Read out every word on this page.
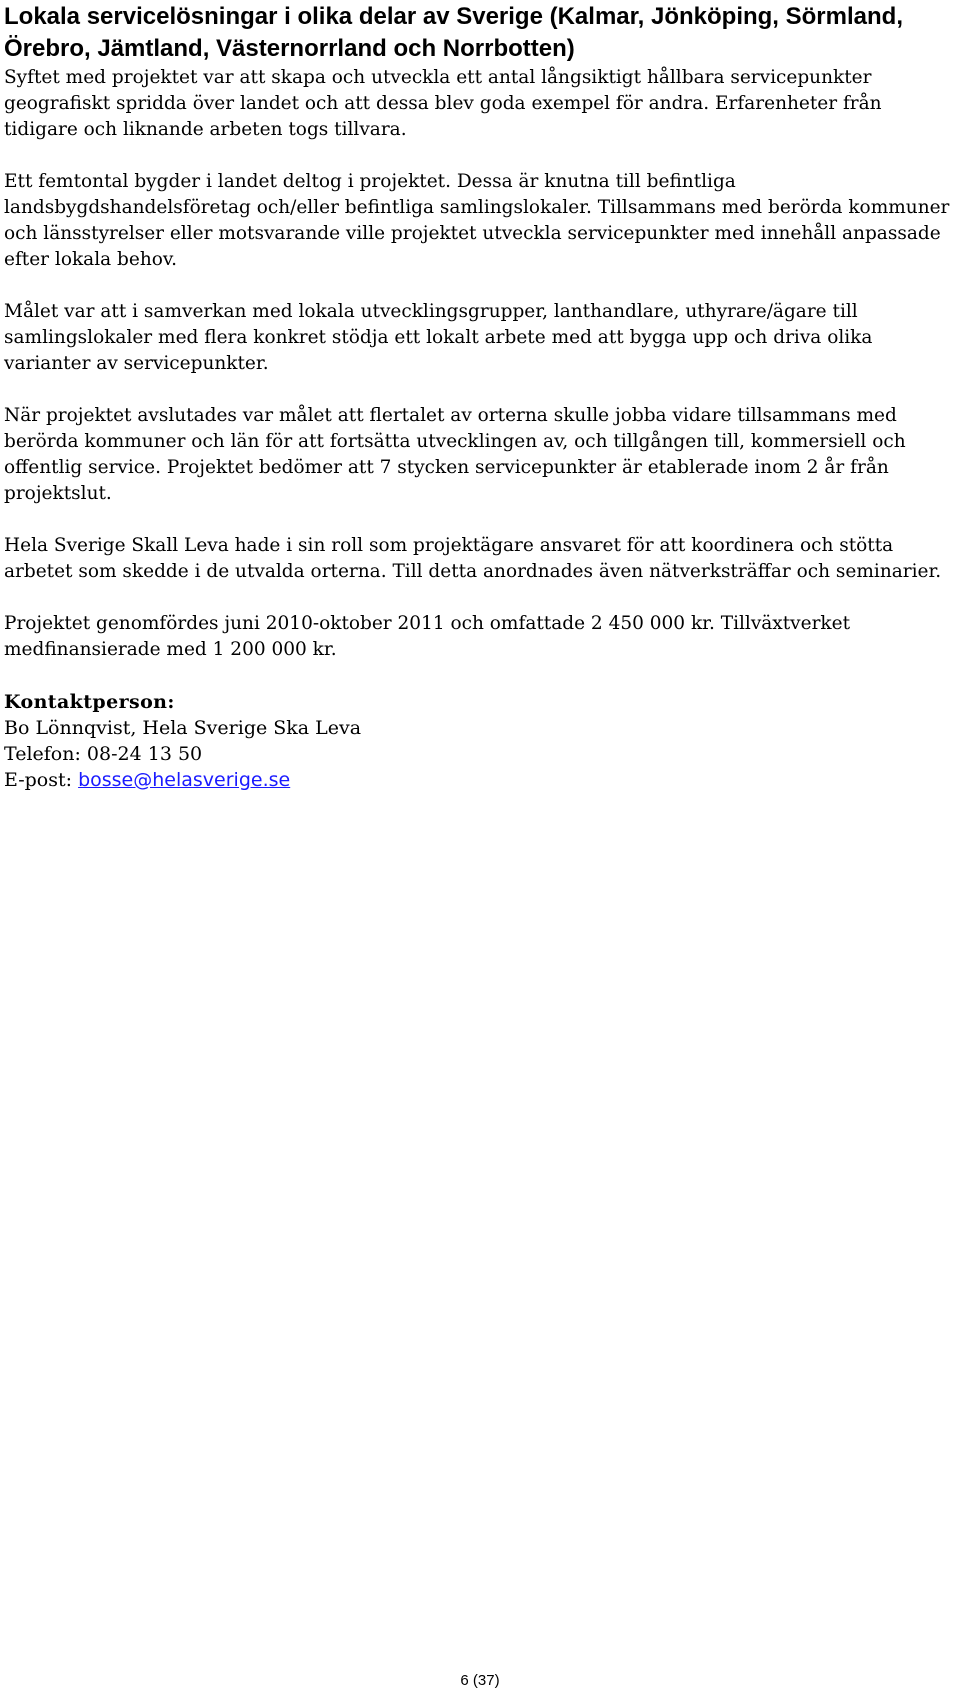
Lokala servicelösningar i olika delar av Sverige (Kalmar, Jönköping, Sörmland, Örebro, Jämtland, Västernorrland och Norrbotten)

Syftet med projektet var att skapa och utveckla ett antal långsiktigt hållbara servicepunkter geografiskt spridda över landet och att dessa blev goda exempel för andra. Erfarenheter från tidigare och liknande arbeten togs tillvara.

Ett femtontal bygder i landet deltog i projektet. Dessa är knutna till befintliga landsbygdshandelsföretag och/eller befintliga samlingslokaler. Tillsammans med berörda kommuner och länsstyrelser eller motsvarande ville projektet utveckla servicepunkter med innehåll anpassade efter lokala behov.

Målet var att i samverkan med lokala utvecklingsgrupper, lanthandlare, uthyrare/ägare till samlingslokaler med flera konkret stödja ett lokalt arbete med att bygga upp och driva olika varianter av servicepunkter.

När projektet avslutades var målet att flertalet av orterna skulle jobba vidare tillsammans med berörda kommuner och län för att fortsätta utvecklingen av, och tillgången till, kommersiell och offentlig service. Projektet bedömer att 7 stycken servicepunkter är etablerade inom 2 år från projektslut.

Hela Sverige Skall Leva hade i sin roll som projektägare ansvaret för att koordinera och stötta arbetet som skedde i de utvalda orterna. Till detta anordnades även nätverksträffar och seminarier.

Projektet genomfördes juni 2010-oktober 2011 och omfattade 2 450 000 kr. Tillväxtverket medfinansierade med 1 200 000 kr.

Kontaktperson:

Bo Lönnqvist, Hela Sverige Ska Leva

Telefon: 08-24 13 50

E-post: bosse@helasverige.se

6 (37)
